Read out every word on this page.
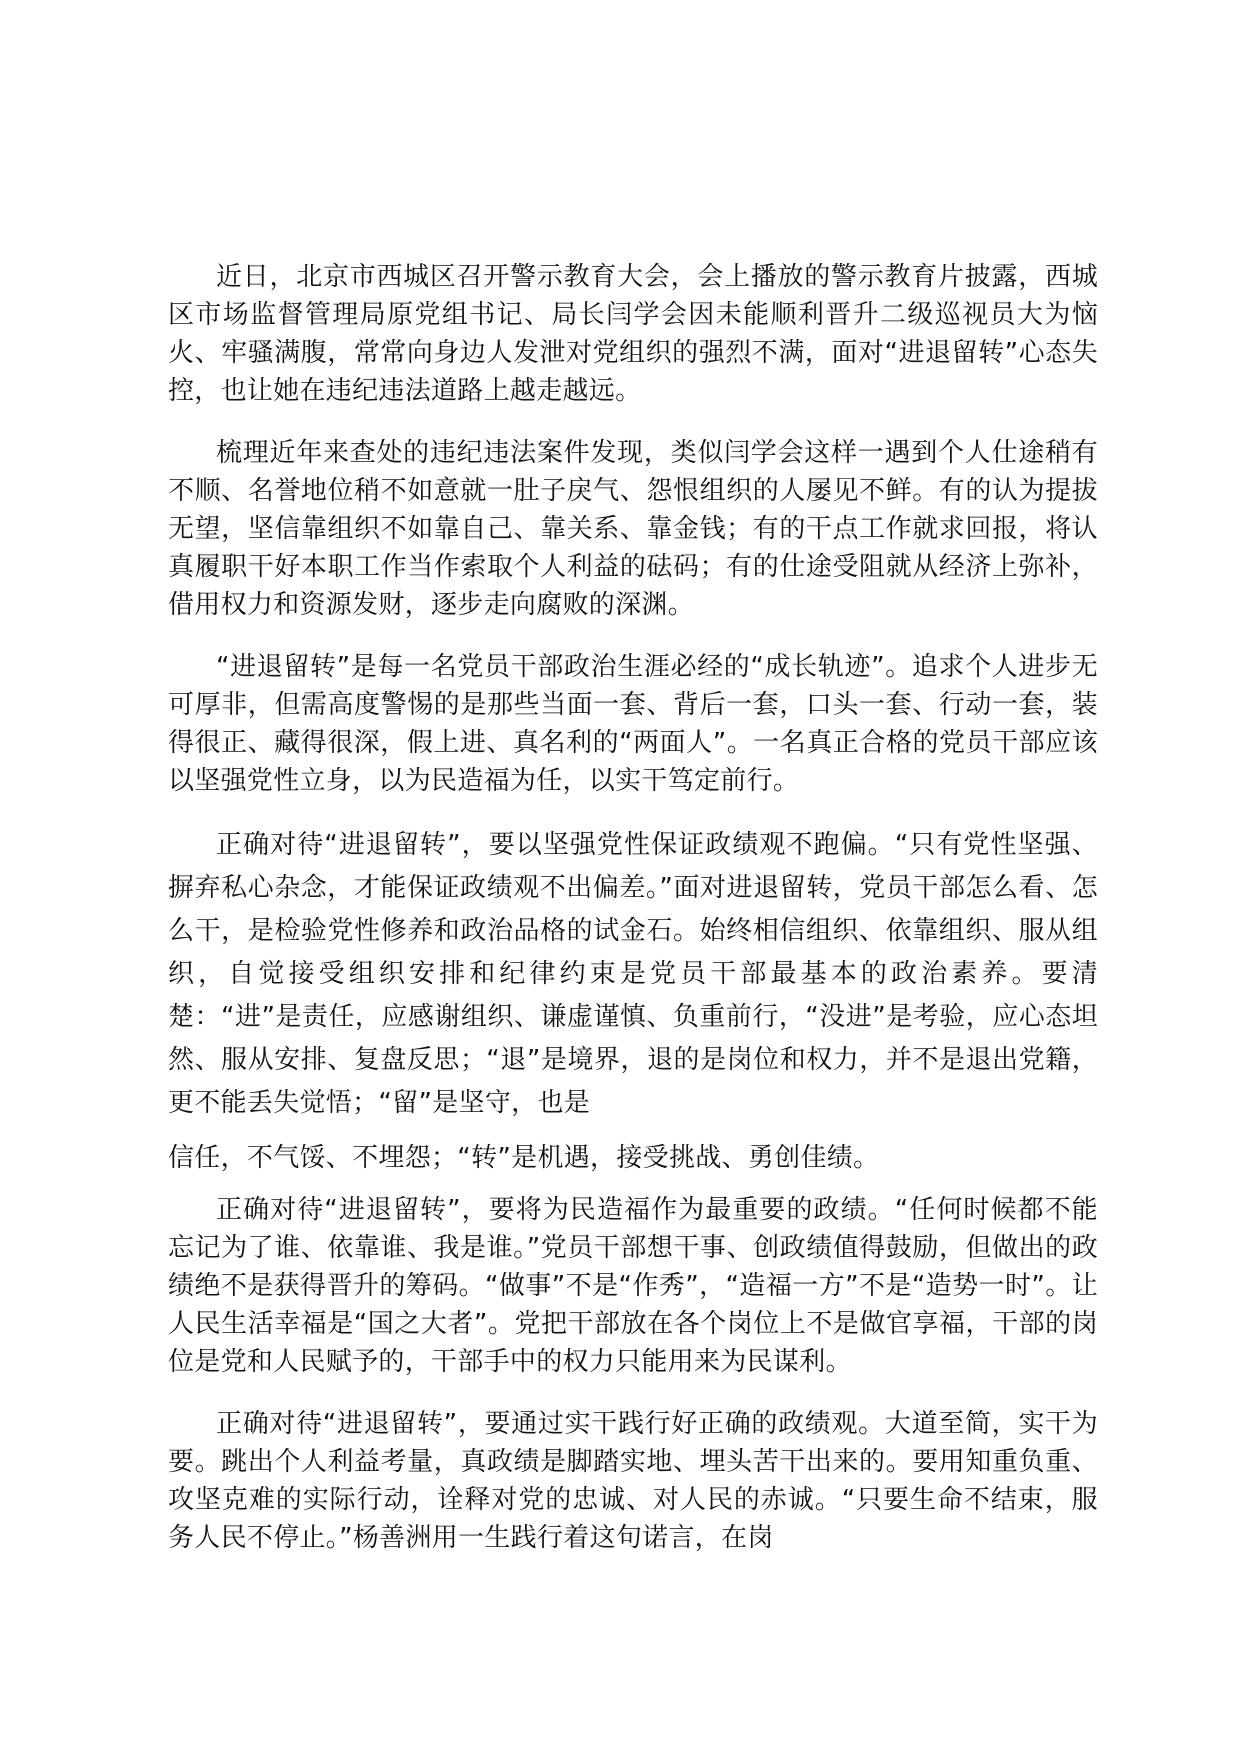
近日，北京市西城区召开警示教育大会，会上播放的警示教育片披露，西城区市场监督管理局原党组书记、局长闫学会因未能顺利晋升二级巡视员大为恼火、牢骚满腹，常常向身边人发泄对党组织的强烈不满，面对“进退留转”心态失控，也让她在违纪违法道路上越走越远。

梳理近年来查处的违纪违法案件发现，类似闫学会这样一遇到个人仕途稍有不顺、名誉地位稍不如意就一肚子戾气、怨恨组织的人屡见不鲜。有的认为提拔无望，坚信靠组织不如靠自己、靠关系、靠金钱；有的干点工作就求回报，将认真履职干好本职工作当作索取个人利益的砝码；有的仕途受阻就从经济上弥补，借用权力和资源发财，逐步走向腐败的深渊。

“进退留转”是每一名党员干部政治生涯必经的“成长轨迹”。追求个人进步无可厚非，但需高度警惕的是那些当面一套、背后一套，口头一套、行动一套，装得很正、藏得很深，假上进、真名利的“两面人”。一名真正合格的党员干部应该以坚强党性立身，以为民造福为任，以实干笃定前行。

正确对待“进退留转”，要以坚强党性保证政绩观不跑偏。“只有党性坚强、摒弃私心杂念，才能保证政绩观不出偏差。”面对进退留转，党员干部怎么看、怎么干，是检验党性修养和政治品格的试金石。始终相信组织、依靠组织、服从组织，自觉接受组织安排和纪律约束是党员干部最基本的政治素养。要清楚：“进”是责任，应感谢组织、谦虚谨慎、负重前行，“没进”是考验，应心态坦然、服从安排、复盘反思；“退”是境界，退的是岗位和权力，并不是退出党籍，更不能丢失觉悟；“留”是坚守，也是

信任，不气馁、不埋怨；“转”是机遇，接受挑战、勇创佳绩。

正确对待“进退留转”，要将为民造福作为最重要的政绩。“任何时候都不能忘记为了谁、依靠谁、我是谁。”党员干部想干事、创政绩值得鼓励，但做出的政绩绝不是获得晋升的筹码。“做事”不是“作秀”，“造福一方”不是“造势一时”。让人民生活幸福是“国之大者”。党把干部放在各个岗位上不是做官享福，干部的岗位是党和人民赋予的，干部手中的权力只能用来为民谋利。

正确对待“进退留转”，要通过实干践行好正确的政绩观。大道至简，实干为要。跳出个人利益考量，真政绩是脚踏实地、埋头苦干出来的。要用知重负重、攻坚克难的实际行动，诠释对党的忠诚、对人民的赤诚。“只要生命不结束，服务人民不停止。”杨善洲用一生践行着这句诺言，在岗
